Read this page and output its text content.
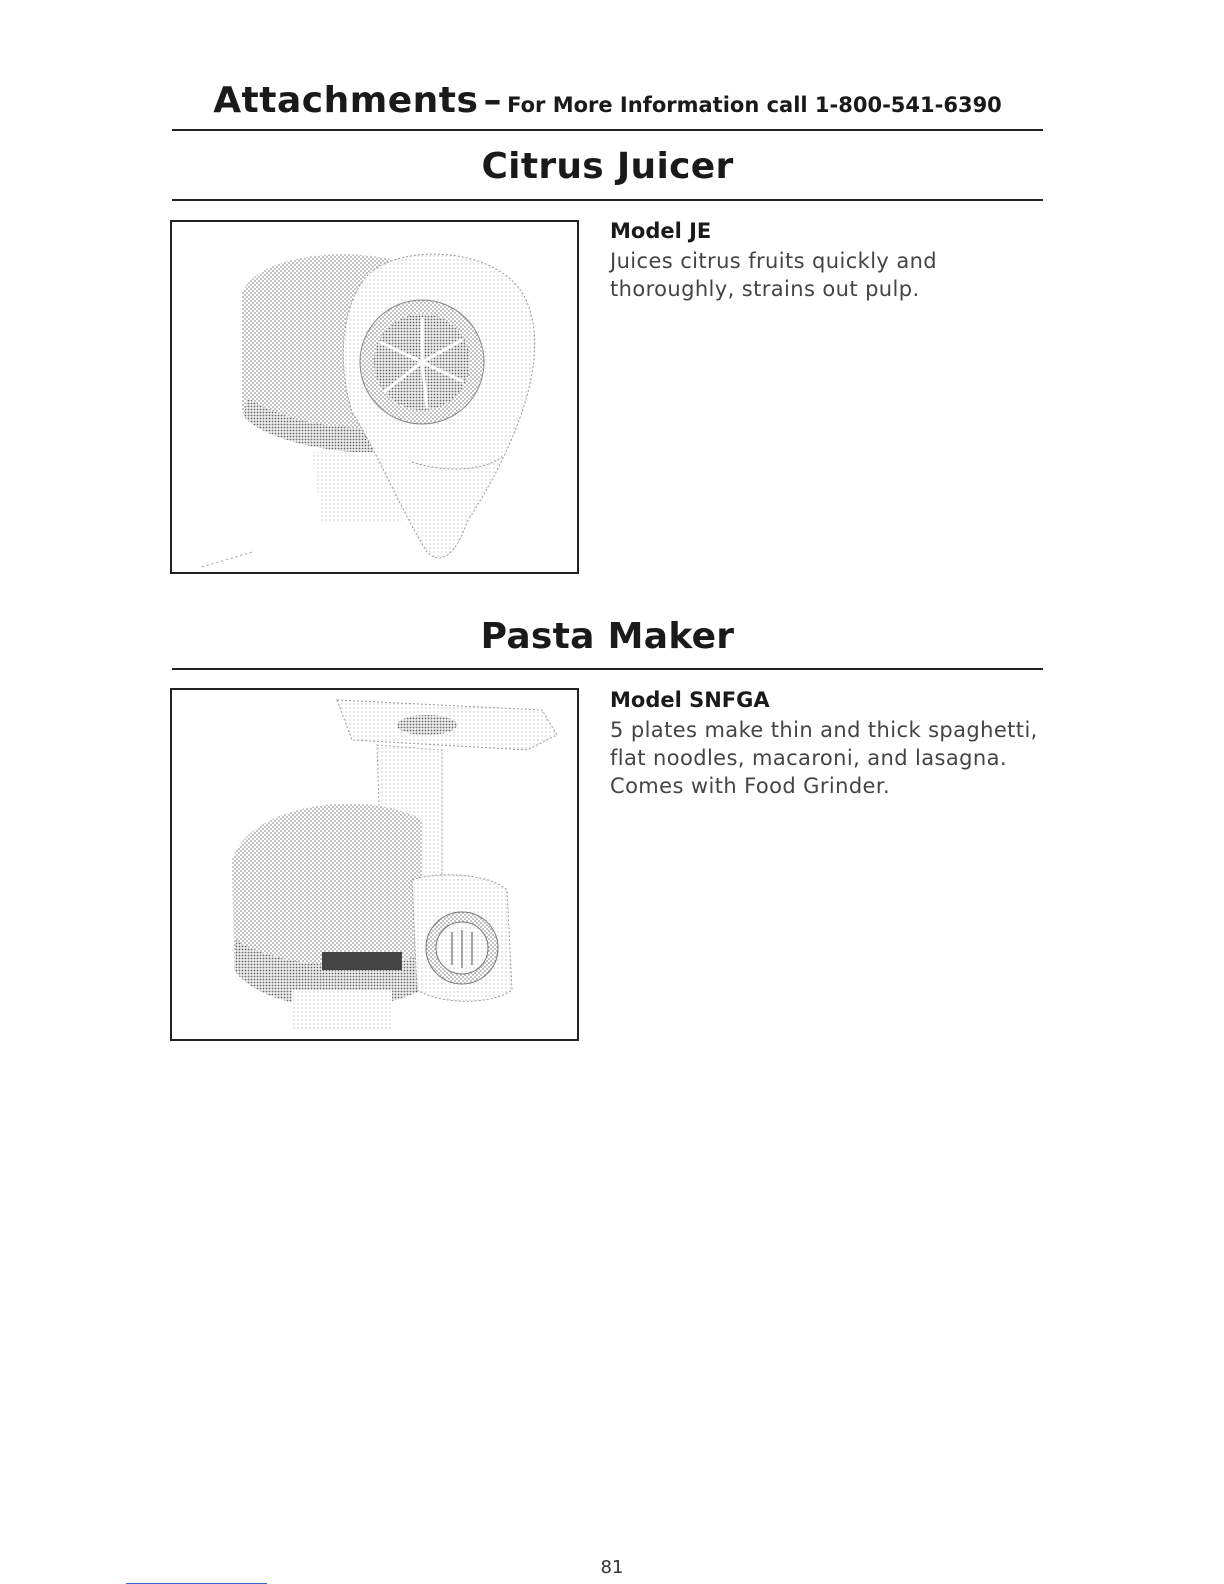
Attachments – For More Information call 1-800-541-6390
Citrus Juicer
Model JE
Juices citrus fruits quickly and thoroughly, strains out pulp.
Pasta Maker
Model SNFGA
5 plates make thin and thick spaghetti, flat noodles, macaroni, and lasagna. Comes with Food Grinder.
81
